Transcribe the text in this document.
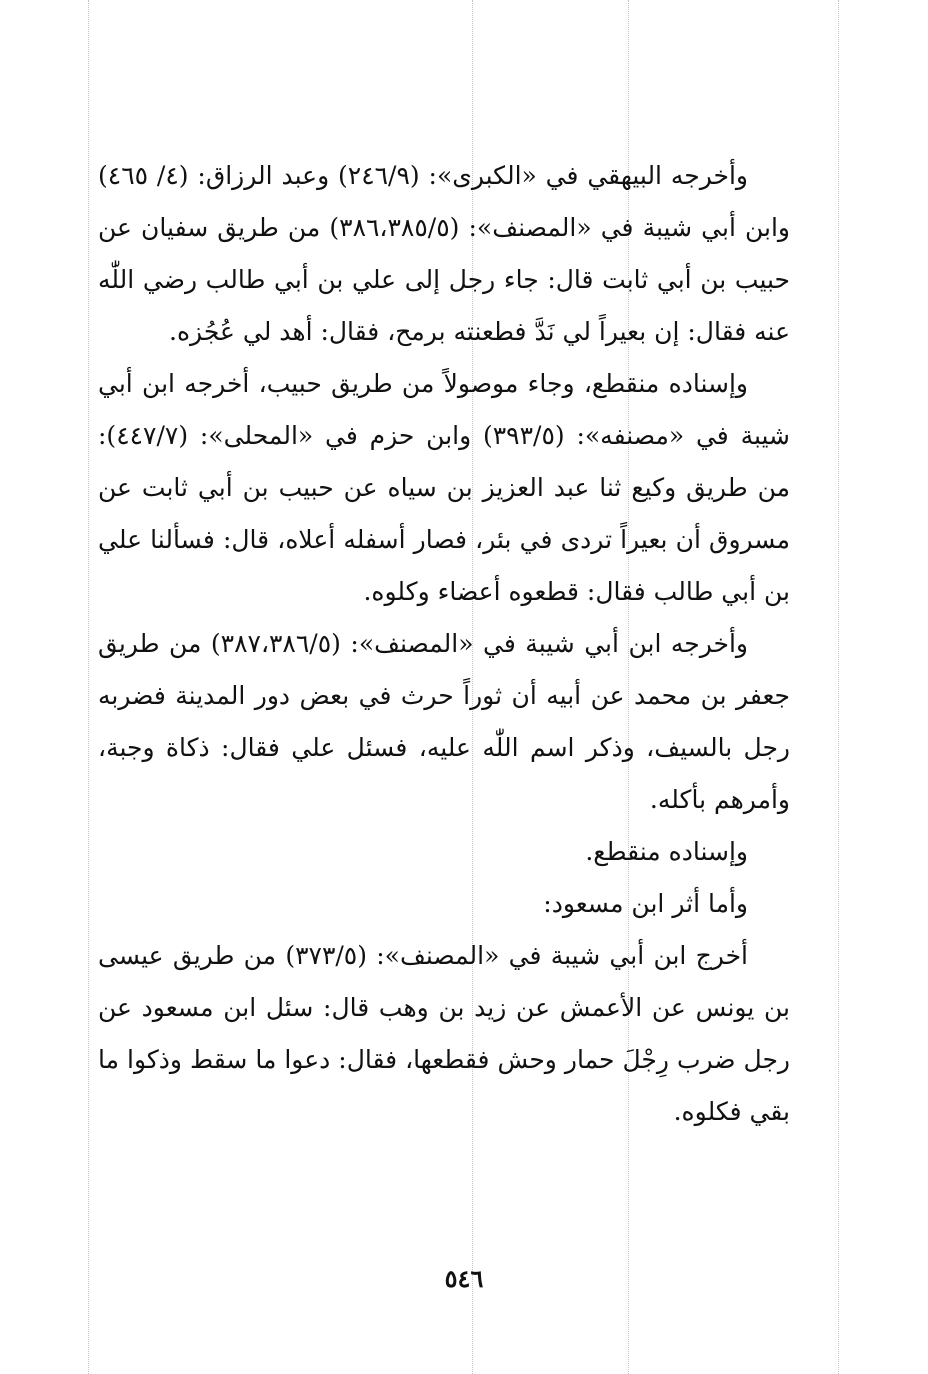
وأخرجه البيهقي في «الكبرى»: (٢٤٦/٩) وعبد الرزاق: (٤/ ٤٦٥) وابن أبي شيبة في «المصنف»: (٣٨٦،٣٨٥/٥) من طريق سفيان عن حبيب بن أبي ثابت قال: جاء رجل إلى علي بن أبي طالب رضي اللّٰه عنه فقال: إن بعيراً لي نَدَّ فطعنته برمح، فقال: أهد لي عُجُزه.

وإسناده منقطع، وجاء موصولاً من طريق حبيب، أخرجه ابن أبي شيبة في «مصنفه»: (٣٩٣/٥) وابن حزم في «المحلى»: (٤٤٧/٧): من طريق وكيع ثنا عبد العزيز بن سياه عن حبيب بن أبي ثابت عن مسروق أن بعيراً تردى في بئر، فصار أسفله أعلاه، قال: فسألنا علي بن أبي طالب فقال: قطعوه أعضاء وكلوه.

وأخرجه ابن أبي شيبة في «المصنف»: (٣٨٧،٣٨٦/٥) من طريق جعفر بن محمد عن أبيه أن ثوراً حرث في بعض دور المدينة فضربه رجل بالسيف، وذكر اسم اللّٰه عليه، فسئل علي فقال: ذكاة وجبة، وأمرهم بأكله.

وإسناده منقطع.

وأما أثر ابن مسعود:

أخرج ابن أبي شيبة في «المصنف»: (٣٧٣/٥) من طريق عيسى بن يونس عن الأعمش عن زيد بن وهب قال: سئل ابن مسعود عن رجل ضرب رِجْلَ حمار وحش فقطعها، فقال: دعوا ما سقط وذكوا ما بقي فكلوه.

٥٤٦
